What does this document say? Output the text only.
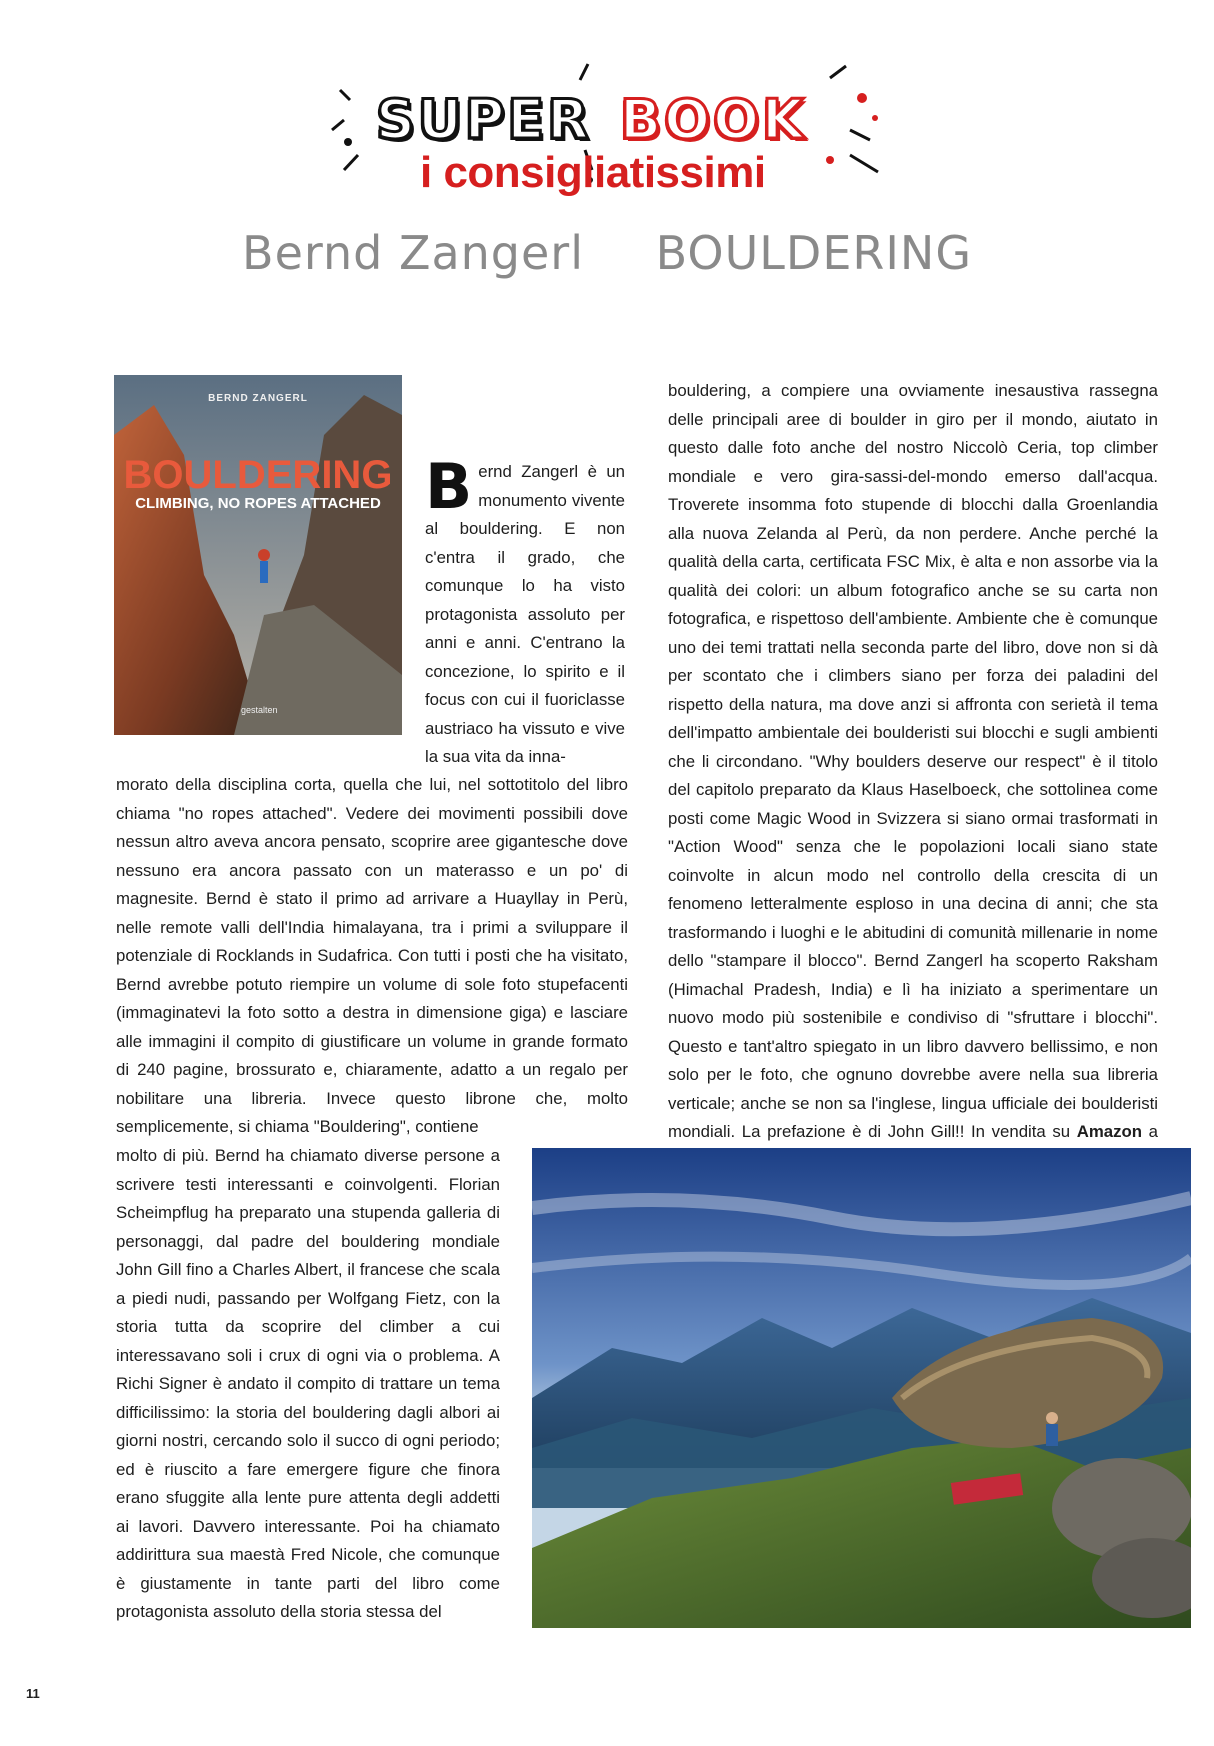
SUPER BOOK
i consigliatissimi
Bernd Zangerl BOULDERING
BERND ZANGERL
BOULDERING
CLIMBING, NO ROPES ATTACHED
gestalten

Bernd Zangerl è un monumento vivente al bouldering. E non c'entra il grado, che comunque lo ha visto protagonista assoluto per anni e anni. C'entrano la concezione, lo spirito e il focus con cui il fuoriclasse austriaco ha vissuto e vive la sua vita da inna-

morato della disciplina corta, quella che lui, nel sottotitolo del libro chiama "no ropes attached". Vedere dei movimenti possibili dove nessun altro aveva ancora pensato, scoprire aree gigantesche dove nessuno era ancora passato con un materasso e un po' di magnesite. Bernd è stato il primo ad arrivare a Huayllay in Perù, nelle remote valli dell'India himalayana, tra i primi a sviluppare il potenziale di Rocklands in Sudafrica. Con tutti i posti che ha visitato, Bernd avrebbe potuto riempire un volume di sole foto stupefacenti (immaginatevi la foto sotto a destra in dimensione giga) e lasciare alle immagini il compito di giustificare un volume in grande formato di 240 pagine, brossurato e, chiaramente, adatto a un regalo per nobilitare una libreria. Invece questo librone che, molto semplicemente, si chiama "Bouldering", contiene

molto di più. Bernd ha chiamato diverse persone a scrivere testi interessanti e coinvolgenti. Florian Scheimpflug ha preparato una stupenda galleria di personaggi, dal padre del bouldering mondiale John Gill fino a Charles Albert, il francese che scala a piedi nudi, passando per Wolfgang Fietz, con la storia tutta da scoprire del climber a cui interessavano soli i crux di ogni via o problema. A Richi Signer è andato il compito di trattare un tema difficilissimo: la storia del bouldering dagli albori ai giorni nostri, cercando solo il succo di ogni periodo; ed è riuscito a fare emergere figure che finora erano sfuggite alla lente pure attenta degli addetti ai lavori. Davvero interessante. Poi ha chiamato addirittura sua maestà Fred Nicole, che comunque è giustamente in tante parti del libro come protagonista assoluto della storia stessa del

bouldering, a compiere una ovviamente inesaustiva rassegna delle principali aree di boulder in giro per il mondo, aiutato in questo dalle foto anche del nostro Niccolò Ceria, top climber mondiale e vero gira-sassi-del-mondo emerso dall'acqua. Troverete insomma foto stupende di blocchi dalla Groenlandia alla nuova Zelanda al Perù, da non perdere. Anche perché la qualità della carta, certificata FSC Mix, è alta e non assorbe via la qualità dei colori: un album fotografico anche se su carta non fotografica, e rispettoso dell'ambiente. Ambiente che è comunque uno dei temi trattati nella seconda parte del libro, dove non si dà per scontato che i climbers siano per forza dei paladini del rispetto della natura, ma dove anzi si affronta con serietà il tema dell'impatto ambientale dei boulderisti sui blocchi e sugli ambienti che li circondano. "Why boulders deserve our respect" è il titolo del capitolo preparato da Klaus Haselboeck, che sottolinea come posti come Magic Wood in Svizzera si siano ormai trasformati in "Action Wood" senza che le popolazioni locali siano state coinvolte in alcun modo nel controllo della crescita di un fenomeno letteralmente esploso in una decina di anni; che sta trasformando i luoghi e le abitudini di comunità millenarie in nome dello "stampare il blocco". Bernd Zangerl ha scoperto Raksham (Himachal Pradesh, India) e lì ha iniziato a sperimentare un nuovo modo più sostenibile e condiviso di "sfruttare i blocchi". Questo e tant'altro spiegato in un libro davvero bellissimo, e non solo per le foto, che ognuno dovrebbe avere nella sua libreria verticale; anche se non sa l'inglese, lingua ufficiale dei boulderisti mondiali. La prefazione è di John Gill!! In vendita su Amazon a

11
